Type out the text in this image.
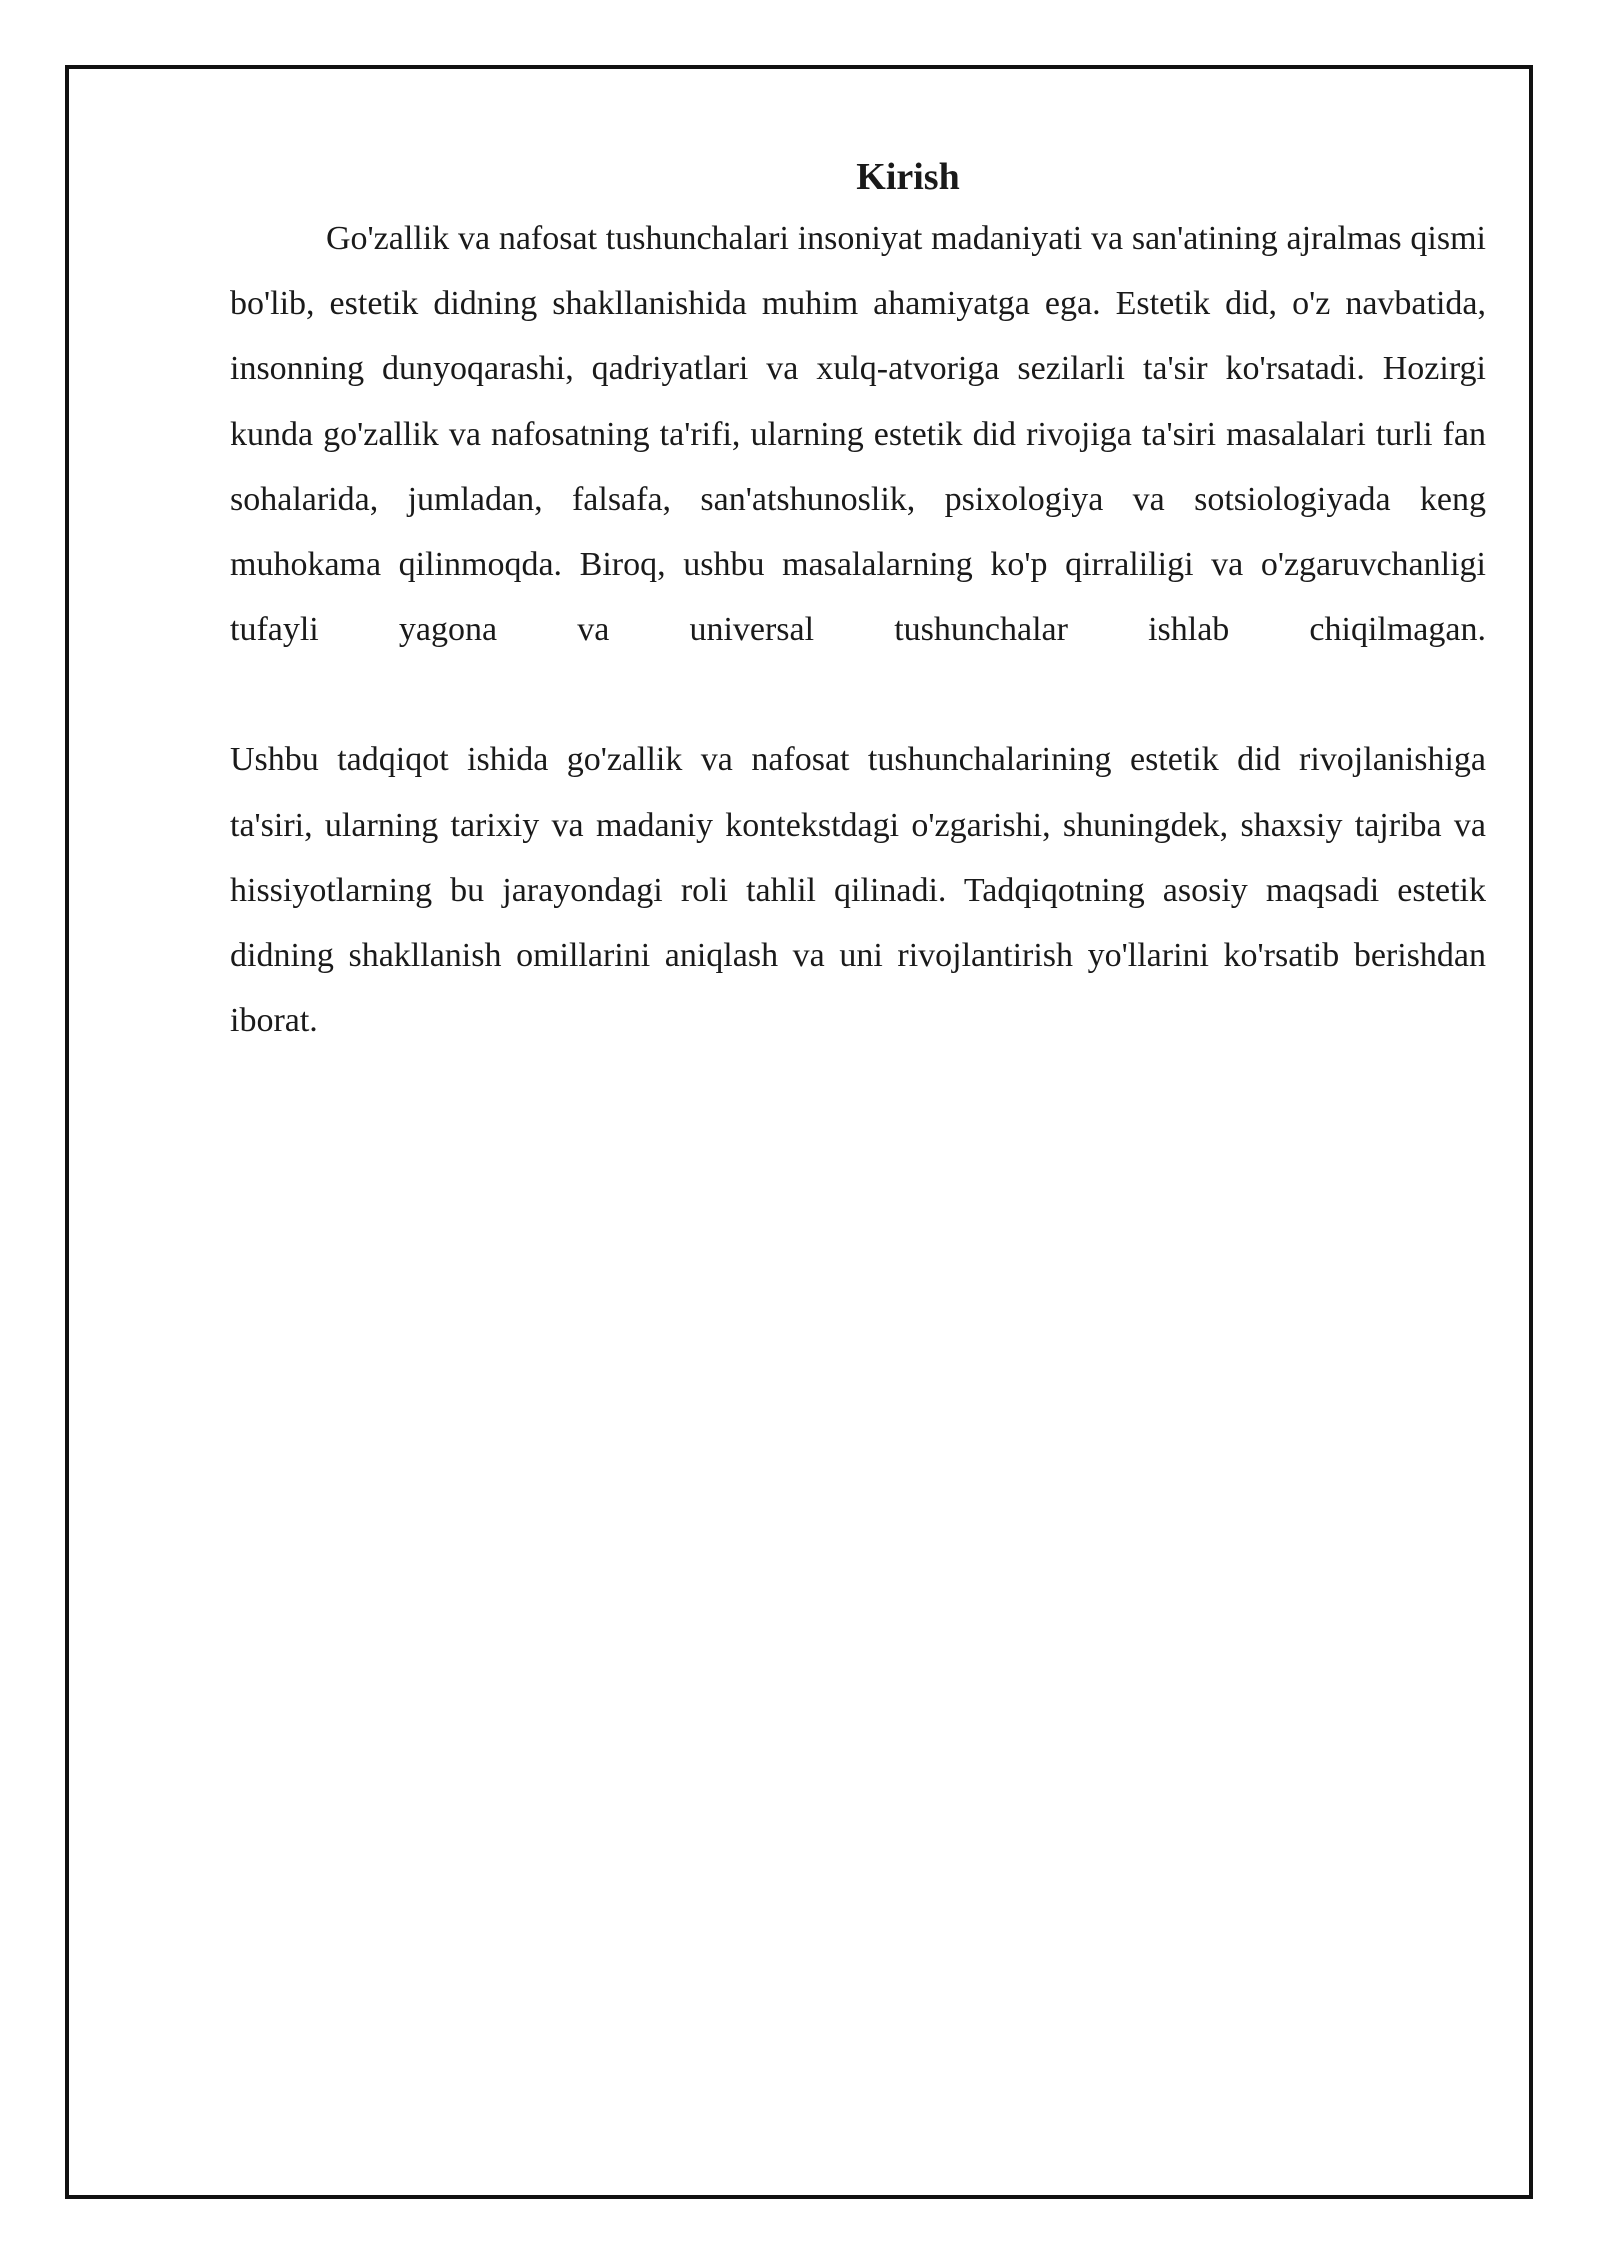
Kirish

Go'zallik va nafosat tushunchalari insoniyat madaniyati va san'atining ajralmas qismi bo'lib, estetik didning shakllanishida muhim ahamiyatga ega. Estetik did, o'z navbatida, insonning dunyoqarashi, qadriyatlari va xulq-atvoriga sezilarli ta'sir ko'rsatadi. Hozirgi kunda go'zallik va nafosatning ta'rifi, ularning estetik did rivojiga ta'siri masalalari turli fan sohalarida, jumladan, falsafa, san'atshunoslik, psixologiya va sotsiologiyada keng muhokama qilinmoqda. Biroq, ushbu masalalarning ko'p qirraliligi va o'zgaruvchanligi tufayli yagona va universal tushunchalar ishlab chiqilmagan.

Ushbu tadqiqot ishida go'zallik va nafosat tushunchalarining estetik did rivojlanishiga ta'siri, ularning tarixiy va madaniy kontekstdagi o'zgarishi, shuningdek, shaxsiy tajriba va hissiyotlarning bu jarayondagi roli tahlil qilinadi. Tadqiqotning asosiy maqsadi estetik didning shakllanish omillarini aniqlash va uni rivojlantirish yo'llarini ko'rsatib berishdan iborat.
